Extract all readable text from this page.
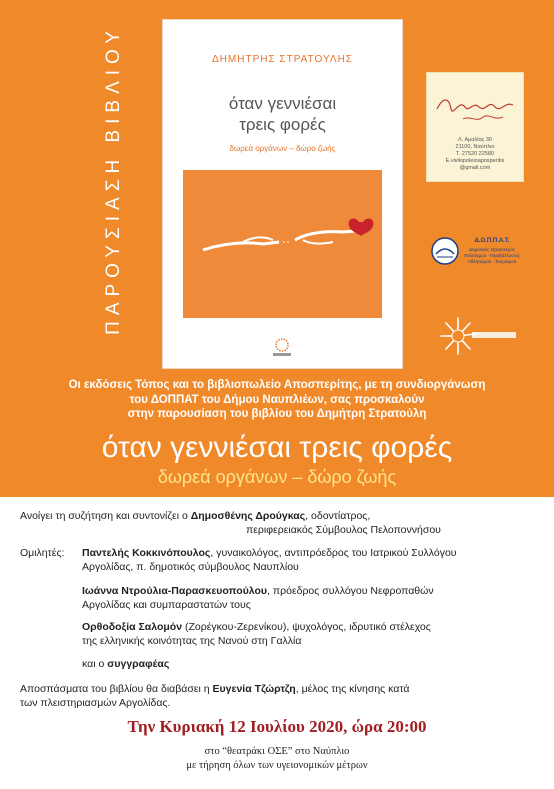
ΠΑΡΟΥΣΙΑΣΗ ΒΙΒΛΙΟΥ	ΔΗΜΗΤΡΗΣ ΣΤΡΑΤΟΥΛΗΣ
όταν γεννιέσαι
τρεις φορές
δωρεά οργάνων – δώρο ζωής
Λ. Αμαλίας 30
21100, Ναύπλιο
Τ. 27520 22580
E.vivliopoleioaposperitis
@gmail.com
Δ.Ο.Π.Π.Α.Τ.
Δημοτικός Οργανισμός
Πολιτισμού - Περιβάλλοντος
Αθλητισμού - Τουρισμού
Οι εκδόσεις Τόπος και το βιβλιοπωλείο Αποσπερίτης, με τη συνδιοργάνωση
του ΔΟΠΠΑΤ του Δήμου Ναυπλιέων, σας προσκαλούν
στην παρουσίαση του βιβλίου του Δημήτρη Στρατούλη
όταν γεννιέσαι τρεις φορές
δωρεά οργάνων – δώρο ζωής

Ανοίγει τη συζήτηση και συντονίζει ο Δημοσθένης Δρούγκας, οδοντίατρος,

περιφερειακός Σύμβουλος Πελοποννήσου

Ομιλητές: Παντελής Κοκκινόπουλος, γυναικολόγος, αντιπρόεδρος του Ιατρικού Συλλόγου

Αργολίδας, π. δημοτικός σύμβουλος Ναυπλίου

Ιωάννα Ντρούλια-Παρασκευοπούλου, πρόεδρος συλλόγου Νεφροπαθών

Αργολίδας και συμπαραστατών τους

Ορθοδοξία Σαλομόν (Ζορέγκου-Ζερενίκου), ψυχολόγος, ιδρυτικό στέλεχος

της ελληνικής κοινότητας της Νανού στη Γαλλία

και ο συγγραφέας

Αποσπάσματα του βιβλίου θα διαβάσει η Ευγενία Τζώρτζη, μέλος της κίνησης κατά

των πλειστηριασμών Αργολίδας.

Την Κυριακή 12 Ιουλίου 2020, ώρα 20:00
στο “θεατράκι ΟΣΕ” στο Ναύπλιο
με τήρηση όλων των υγειονομικών μέτρων
